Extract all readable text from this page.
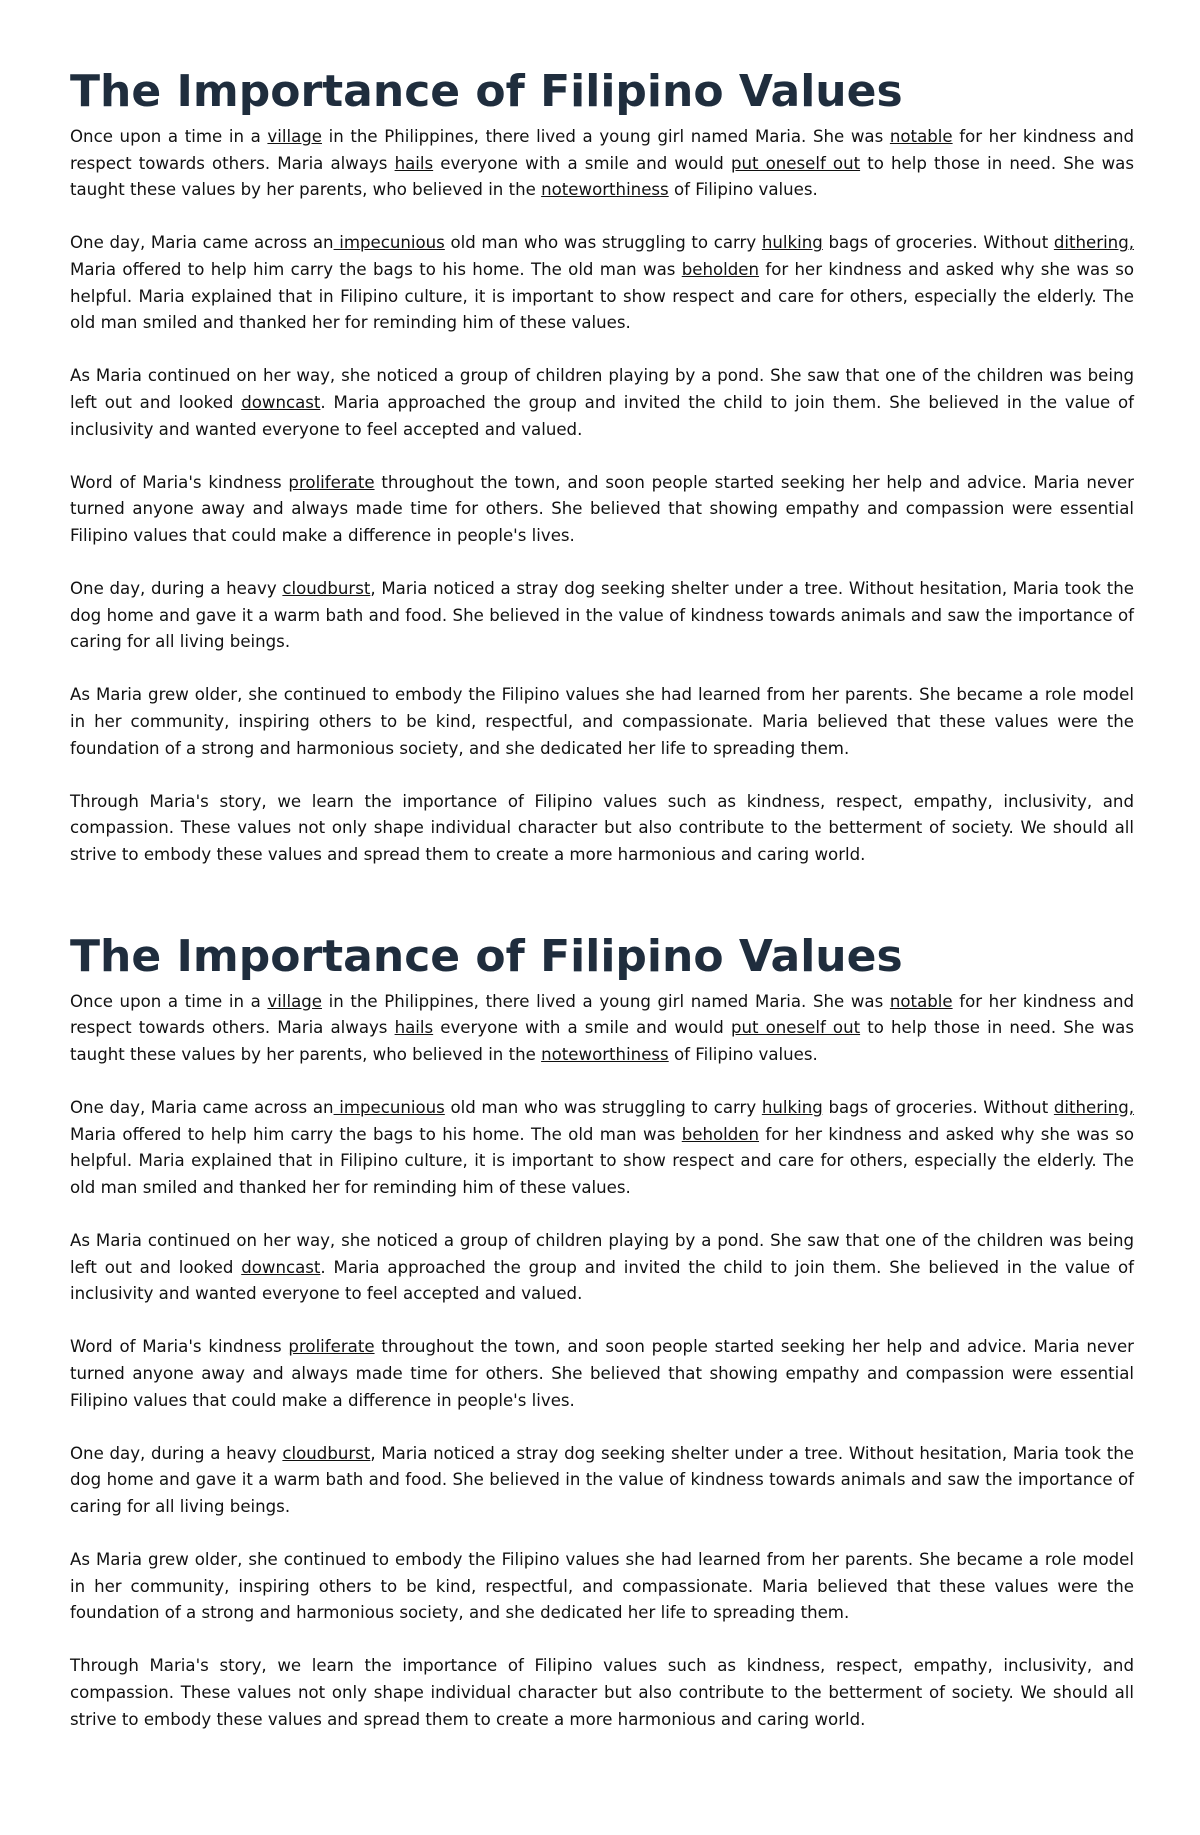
The Importance of Filipino Values

Once upon a time in a village in the Philippines, there lived a young girl named Maria. She was notable for her kindness and respect towards others. Maria always hails everyone with a smile and would put oneself out to help those in need. She was taught these values by her parents, who believed in the noteworthiness of Filipino values.

One day, Maria came across an impecunious old man who was struggling to carry hulking bags of groceries. Without dithering, Maria offered to help him carry the bags to his home. The old man was beholden for her kindness and asked why she was so helpful. Maria explained that in Filipino culture, it is important to show respect and care for others, especially the elderly. The old man smiled and thanked her for reminding him of these values.

As Maria continued on her way, she noticed a group of children playing by a pond. She saw that one of the children was being left out and looked downcast. Maria approached the group and invited the child to join them. She believed in the value of inclusivity and wanted everyone to feel accepted and valued.

Word of Maria's kindness proliferate throughout the town, and soon people started seeking her help and advice. Maria never turned anyone away and always made time for others. She believed that showing empathy and compassion were essential Filipino values that could make a difference in people's lives.

One day, during a heavy cloudburst, Maria noticed a stray dog seeking shelter under a tree. Without hesitation, Maria took the dog home and gave it a warm bath and food. She believed in the value of kindness towards animals and saw the importance of caring for all living beings.

As Maria grew older, she continued to embody the Filipino values she had learned from her parents. She became a role model in her community, inspiring others to be kind, respectful, and compassionate. Maria believed that these values were the foundation of a strong and harmonious society, and she dedicated her life to spreading them.

Through Maria's story, we learn the importance of Filipino values such as kindness, respect, empathy, inclusivity, and compassion. These values not only shape individual character but also contribute to the betterment of society. We should all strive to embody these values and spread them to create a more harmonious and caring world.

The Importance of Filipino Values

Once upon a time in a village in the Philippines, there lived a young girl named Maria. She was notable for her kindness and respect towards others. Maria always hails everyone with a smile and would put oneself out to help those in need. She was taught these values by her parents, who believed in the noteworthiness of Filipino values.

One day, Maria came across an impecunious old man who was struggling to carry hulking bags of groceries. Without dithering, Maria offered to help him carry the bags to his home. The old man was beholden for her kindness and asked why she was so helpful. Maria explained that in Filipino culture, it is important to show respect and care for others, especially the elderly. The old man smiled and thanked her for reminding him of these values.

As Maria continued on her way, she noticed a group of children playing by a pond. She saw that one of the children was being left out and looked downcast. Maria approached the group and invited the child to join them. She believed in the value of inclusivity and wanted everyone to feel accepted and valued.

Word of Maria's kindness proliferate throughout the town, and soon people started seeking her help and advice. Maria never turned anyone away and always made time for others. She believed that showing empathy and compassion were essential Filipino values that could make a difference in people's lives.

One day, during a heavy cloudburst, Maria noticed a stray dog seeking shelter under a tree. Without hesitation, Maria took the dog home and gave it a warm bath and food. She believed in the value of kindness towards animals and saw the importance of caring for all living beings.

As Maria grew older, she continued to embody the Filipino values she had learned from her parents. She became a role model in her community, inspiring others to be kind, respectful, and compassionate. Maria believed that these values were the foundation of a strong and harmonious society, and she dedicated her life to spreading them.

Through Maria's story, we learn the importance of Filipino values such as kindness, respect, empathy, inclusivity, and compassion. These values not only shape individual character but also contribute to the betterment of society. We should all strive to embody these values and spread them to create a more harmonious and caring world.
